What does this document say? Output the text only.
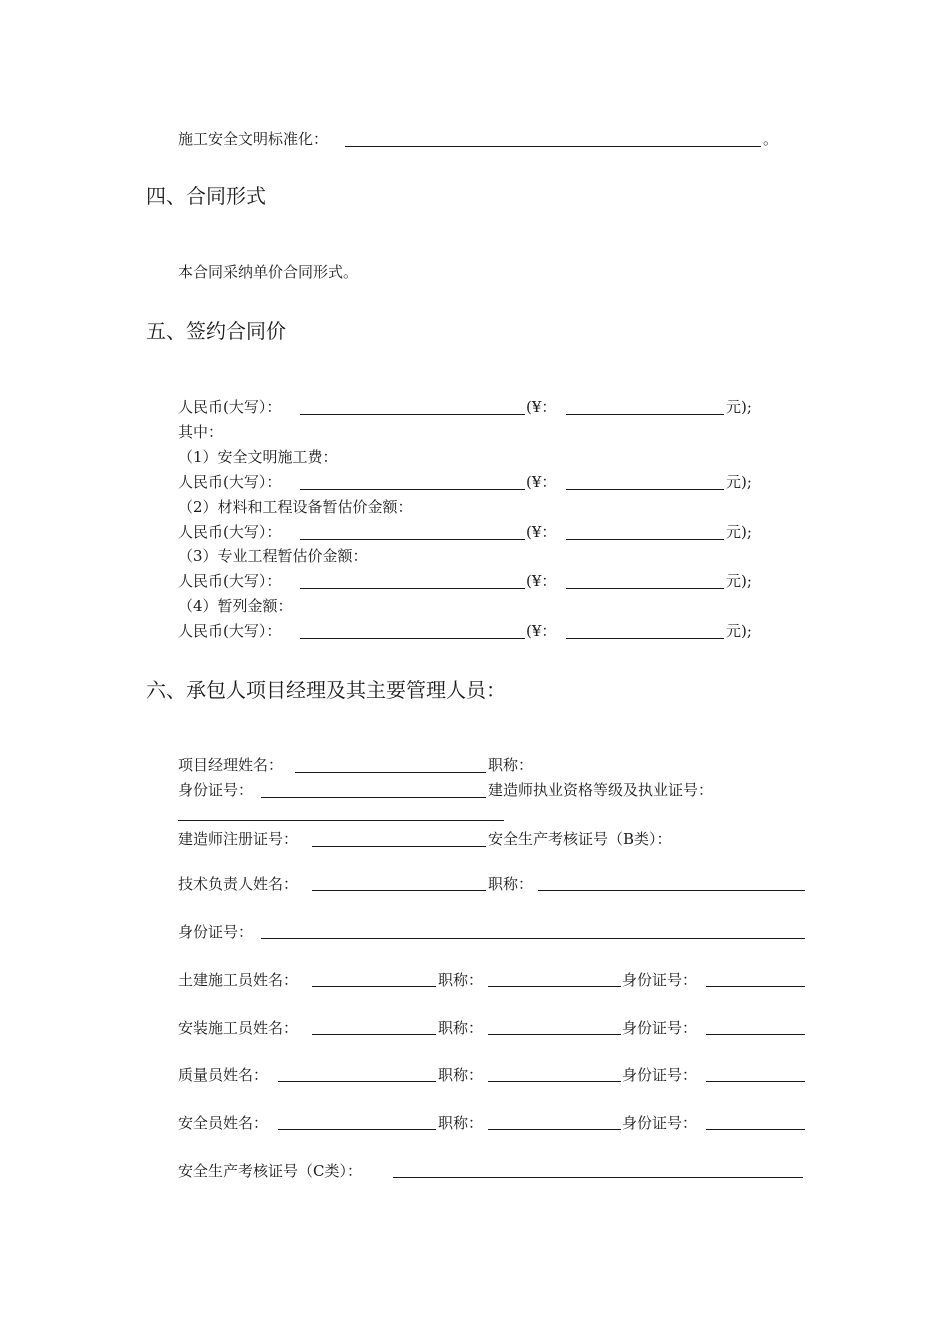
施工安全文明标准化：	。
四、合同形式
本合同采纳单价合同形式。
五、签约合同价
人民币(大写）：	(¥：	元);
其中：
（1）安全文明施工费：
人民币(大写）：	(¥：	元);
（2）材料和工程设备暂估价金额：
人民币(大写）：	(¥：	元);
（3）专业工程暂估价金额：
人民币(大写）：	(¥：	元);
（4）暂列金额：
人民币(大写）：	(¥：	元);
六、承包人项目经理及其主要管理人员：
项目经理姓名：	职称：
身份证号：	建造师执业资格等级及执业证号：
建造师注册证号：	安全生产考核证号（B类）：
技术负责人姓名：	职称：
身份证号：
土建施工员姓名：	职称：	身份证号：
安装施工员姓名：	职称：	身份证号：
质量员姓名：	职称：	身份证号：
安全员姓名：	职称：	身份证号：
安全生产考核证号（C类）：
